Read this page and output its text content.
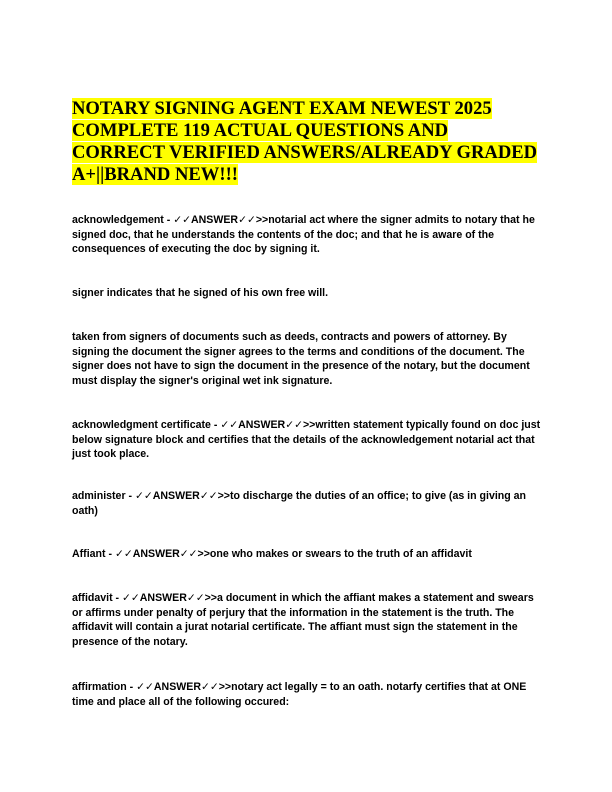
NOTARY SIGNING AGENT EXAM NEWEST 2025 COMPLETE 119 ACTUAL QUESTIONS AND CORRECT VERIFIED ANSWERS/ALREADY GRADED A+||BRAND NEW!!!

acknowledgement - ✓✓ANSWER✓✓>>notarial act where the signer admits to notary that he signed doc, that he understands the contents of the doc; and that he is aware of the consequences of executing the doc by signing it.

signer indicates that he signed of his own free will.

taken from signers of documents such as deeds, contracts and powers of attorney. By signing the document the signer agrees to the terms and conditions of the document. The signer does not have to sign the document in the presence of the notary, but the document must display the signer's original wet ink signature.

acknowledgment certificate - ✓✓ANSWER✓✓>>written statement typically found on doc just below signature block and certifies that the details of the acknowledgement notarial act that just took place.

administer - ✓✓ANSWER✓✓>>to discharge the duties of an office; to give (as in giving an oath)

Affiant - ✓✓ANSWER✓✓>>one who makes or swears to the truth of an affidavit

affidavit - ✓✓ANSWER✓✓>>a document in which the affiant makes a statement and swears or affirms under penalty of perjury that the information in the statement is the truth. The affidavit will contain a jurat notarial certificate. The affiant must sign the statement in the presence of the notary.

affirmation - ✓✓ANSWER✓✓>>notary act legally = to an oath. notarfy certifies that at ONE time and place all of the following occured:
